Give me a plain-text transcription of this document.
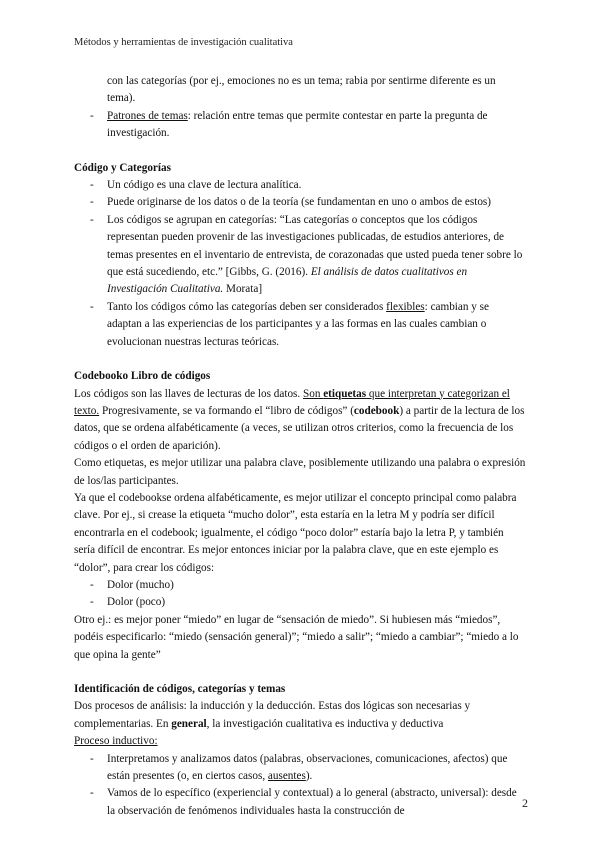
Métodos y herramientas de investigación cualitativa
con las categorías (por ej., emociones no es un tema; rabia por sentirme diferente es un tema).
- Patrones de temas: relación entre temas que permite contestar en parte la pregunta de investigación.

Código y Categorías

- Un código es una clave de lectura analítica.
- Puede originarse de los datos o de la teoría (se fundamentan en uno o ambos de estos)
- Los códigos se agrupan en categorías: “Las categorías o conceptos que los códigos representan pueden provenir de las investigaciones publicadas, de estudios anteriores, de temas presentes en el inventario de entrevista, de corazonadas que usted pueda tener sobre lo que está sucediendo, etc.” [Gibbs, G. (2016). El análisis de datos cualitativos en Investigación Cualitativa. Morata]
- Tanto los códigos cómo las categorías deben ser considerados flexibles: cambian y se adaptan a las experiencias de los participantes y a las formas en las cuales cambian o evolucionan nuestras lecturas teóricas.

Codebooko Libro de códigos

Los códigos son las llaves de lecturas de los datos. Son etiquetas que interpretan y categorizan el texto. Progresivamente, se va formando el “libro de códigos” (codebook) a partir de la lectura de los datos, que se ordena alfabéticamente (a veces, se utilizan otros criterios, como la frecuencia de los códigos o el orden de aparición).

Como etiquetas, es mejor utilizar una palabra clave, posiblemente utilizando una palabra o expresión de los/las participantes.

Ya que el codebookse ordena alfabéticamente, es mejor utilizar el concepto principal como palabra clave. Por ej., si crease la etiqueta “mucho dolor”, esta estaría en la letra M y podría ser difícil encontrarla en el codebook; igualmente, el código “poco dolor” estaría bajo la letra P, y también sería difícil de encontrar. Es mejor entonces iniciar por la palabra clave, que en este ejemplo es “dolor”, para crear los códigos:

- Dolor (mucho)
- Dolor (poco)

Otro ej.: es mejor poner “miedo” en lugar de “sensación de miedo”. Si hubiesen más “miedos”, podéis especificarlo: “miedo (sensación general)”; “miedo a salir”; “miedo a cambiar”; “miedo a lo que opina la gente”

Identificación de códigos, categorías y temas

Dos procesos de análisis: la inducción y la deducción. Estas dos lógicas son necesarias y complementarias. En general, la investigación cualitativa es inductiva y deductiva

Proceso inductivo:

- Interpretamos y analizamos datos (palabras, observaciones, comunicaciones, afectos) que están presentes (o, en ciertos casos, ausentes).
- Vamos de lo específico (experiencial y contextual) a lo general (abstracto, universal): desde la observación de fenómenos individuales hasta la construcción de
2
